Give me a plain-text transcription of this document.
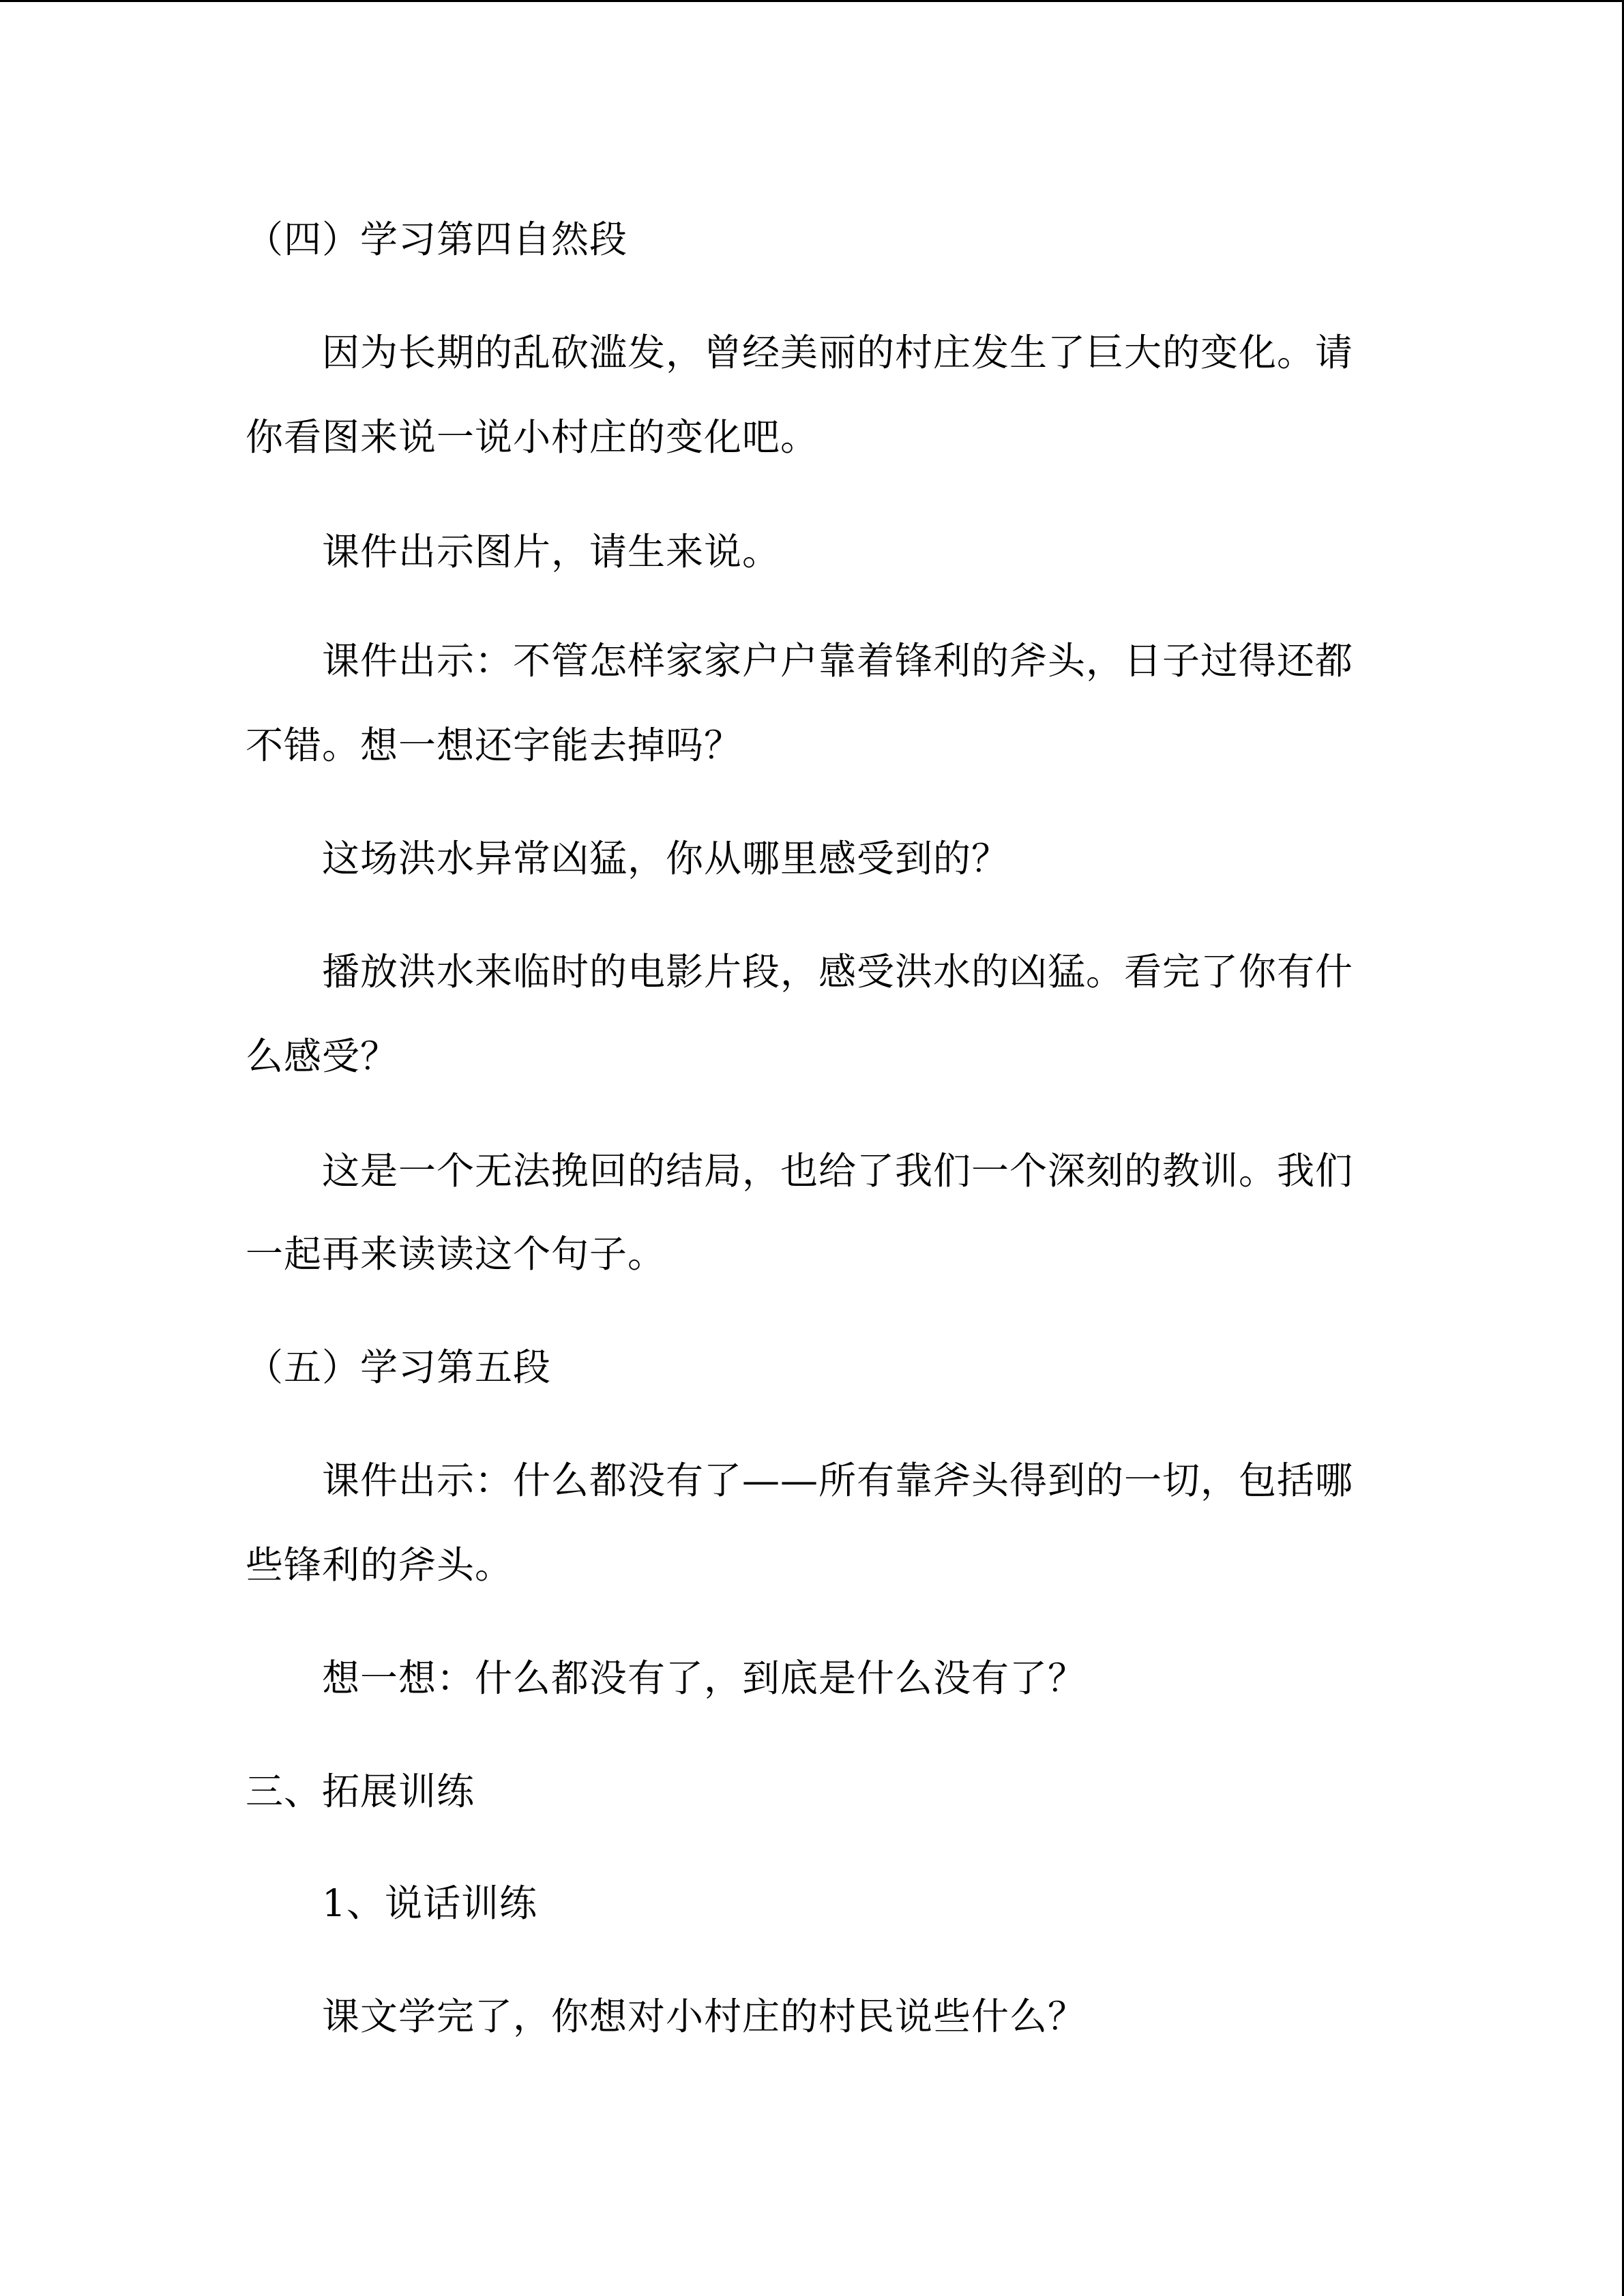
（四）学习第四自然段
因为长期的乱砍滥发，曾经美丽的村庄发生了巨大的变化。请
你看图来说一说小村庄的变化吧。
课件出示图片，请生来说。
课件出示：不管怎样家家户户靠着锋利的斧头，日子过得还都
不错。想一想还字能去掉吗？
这场洪水异常凶猛，你从哪里感受到的？
播放洪水来临时的电影片段，感受洪水的凶猛。看完了你有什
么感受？
这是一个无法挽回的结局，也给了我们一个深刻的教训。我们
一起再来读读这个句子。
（五）学习第五段
课件出示：什么都没有了——所有靠斧头得到的一切，包括哪
些锋利的斧头。
想一想：什么都没有了，到底是什么没有了？
三、拓展训练
1、说话训练
课文学完了，你想对小村庄的村民说些什么？
